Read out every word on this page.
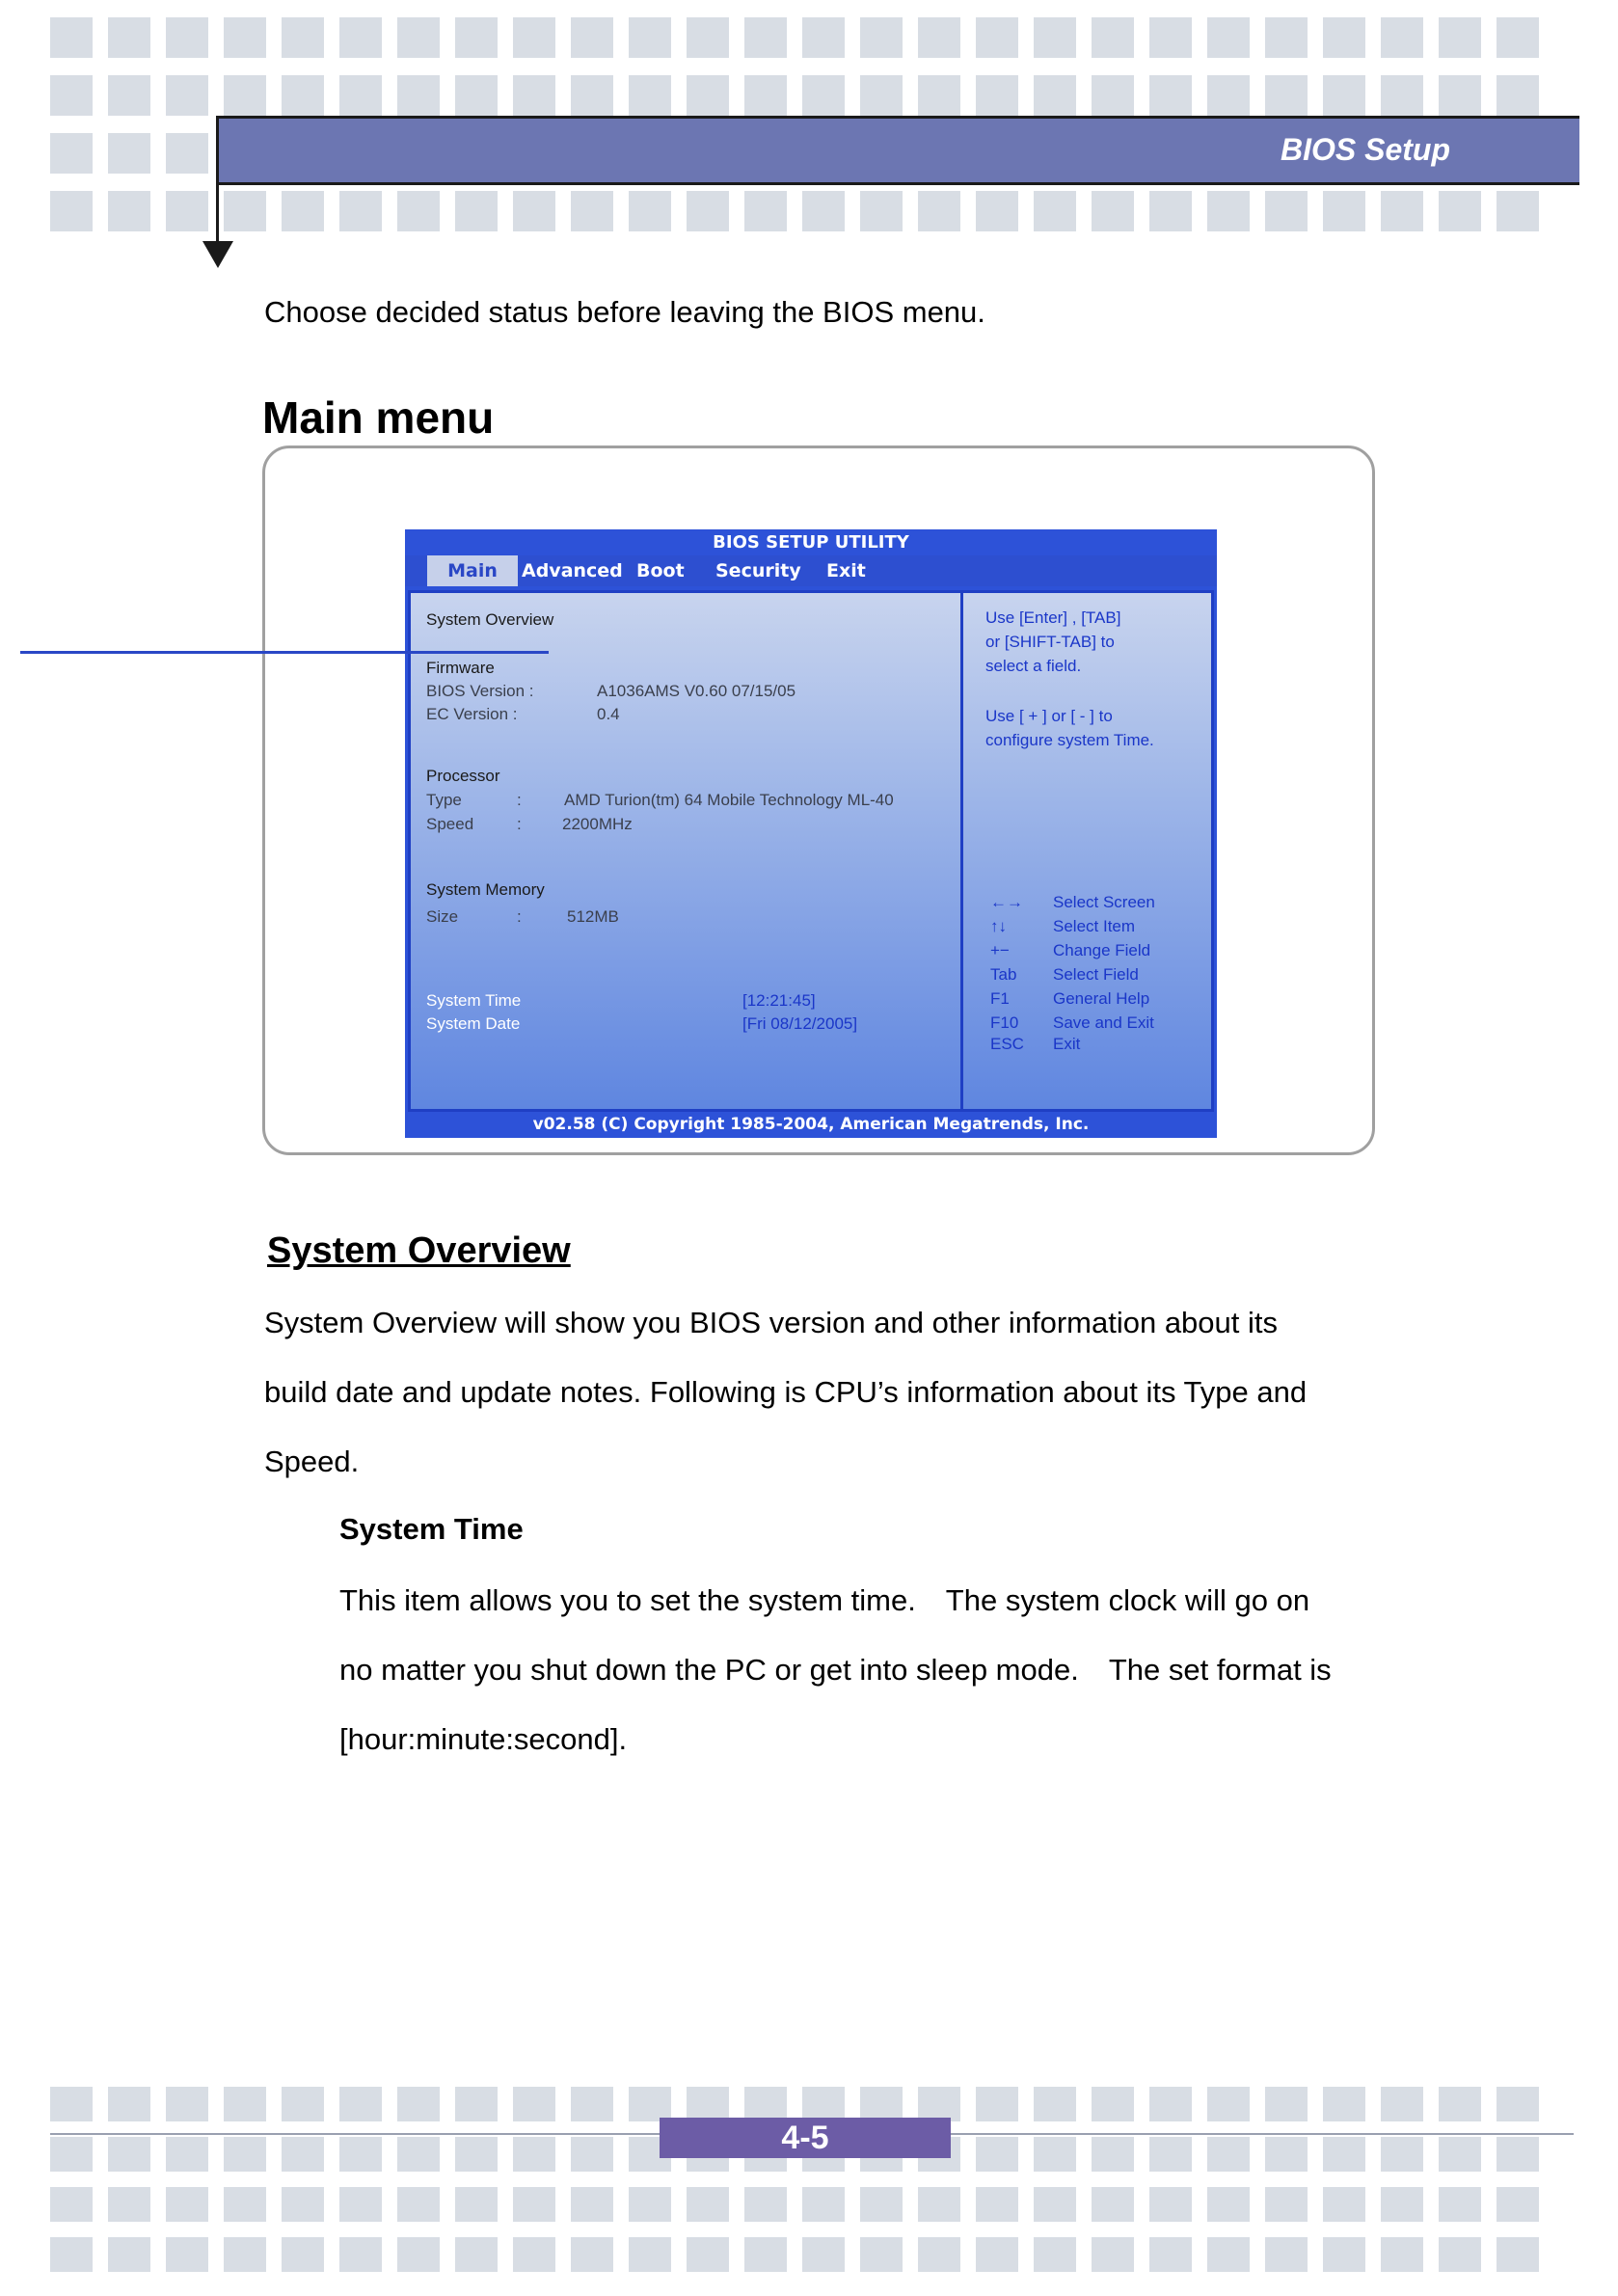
BIOS Setup
Choose decided status before leaving the BIOS menu.
Main menu
BIOS SETUP UTILITY
Main	Advanced Boot Security Exit
v02.58 (C) Copyright 1985-2004, American Megatrends, Inc.
System Overview
Firmware
BIOS Version :	A1036AMS V0.60 07/15/05
EC Version :	0.4
Processor
Type	:	AMD Turion(tm) 64 Mobile Technology ML-40
Speed	: 2200MHz
System Memory
Size	:	512MB
System Time	[12:21:45]
System Date	[Fri 08/12/2005]
Use [Enter] , [TAB]
or [SHIFT-TAB] to
select a field.
Use [ + ] or [ - ] to
configure system Time.
←→ Select Screen
↑↓	Select Item
+−	Change Field
Tab Select Field
F1	General Help
F10 Save and Exit
ESC Exit
System Overview
System Overview will show you BIOS version and other information about its
build date and update notes. Following is CPU’s information about its Type and
Speed.
System Time
This item allows you to set the system time.　The system clock will go on
no matter you shut down the PC or get into sleep mode.　The set format is
[hour:minute:second].
4-5
